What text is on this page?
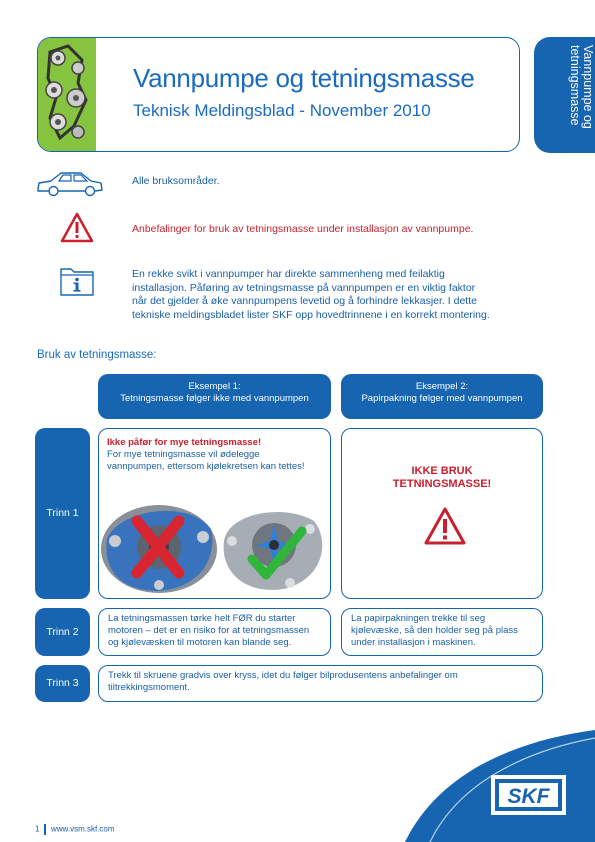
Vannpumpe og tetningsmasse
Teknisk Meldingsblad - November 2010	Vannpumpe og tetningsmasse
Alle bruksområder.
Anbefalinger for bruk av tetningsmasse under installasjon av vannpumpe.
En rekke svikt i vannpumper har direkte sammenheng med feilaktig
installasjon. Påføring av tetningsmasse på vannpumpen er en viktig faktor
når det gjelder å øke vannpumpens levetid og å forhindre lekkasjer. I dette
tekniske meldingsbladet lister SKF opp hovedtrinnene i en korrekt montering.
Bruk av tetningsmasse:
Eksempel 1:
Tetningsmasse følger ikke med vannpumpen
Eksempel 2:
Papirpakning følger med vannpumpen
Trinn 1
Ikke påfør for mye tetningsmasse!
For mye tetningsmasse vil ødelegge
vannpumpen, ettersom kjølekretsen kan tettes!	IKKE BRUK
TETNINGSMASSE!
Trinn 2
La tetningsmassen tørke helt FØR du starter
motoren – det er en risiko for at tetningsmassen
og kjølevæsken til motoren kan blande seg.
La papirpakningen trekke til seg
kjølevæske, så den holder seg på plass
under installasjon i maskinen.
Trinn 3
Trekk til skruene gradvis over kryss, idet du følger bilprodusentens anbefalinger om
tiltrekkingsmoment.
SKF
1 www.vsm.skf.com
